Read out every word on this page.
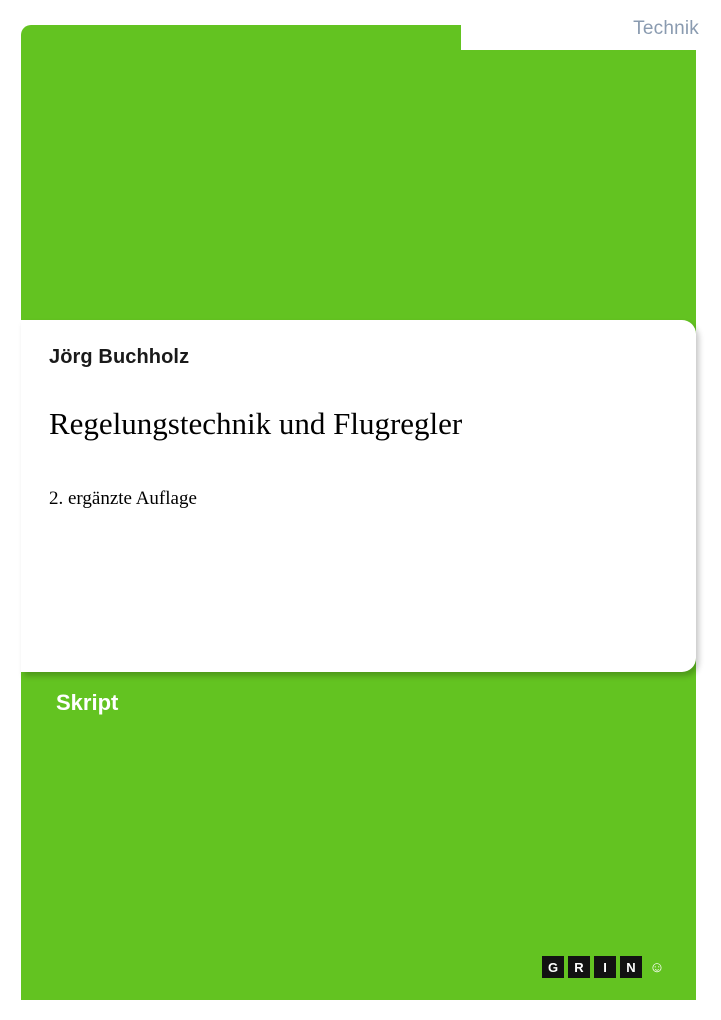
Technik
Jörg Buchholz
Regelungstechnik und Flugregler
2. ergänzte Auflage
Skript
G	R	I	N ☺
